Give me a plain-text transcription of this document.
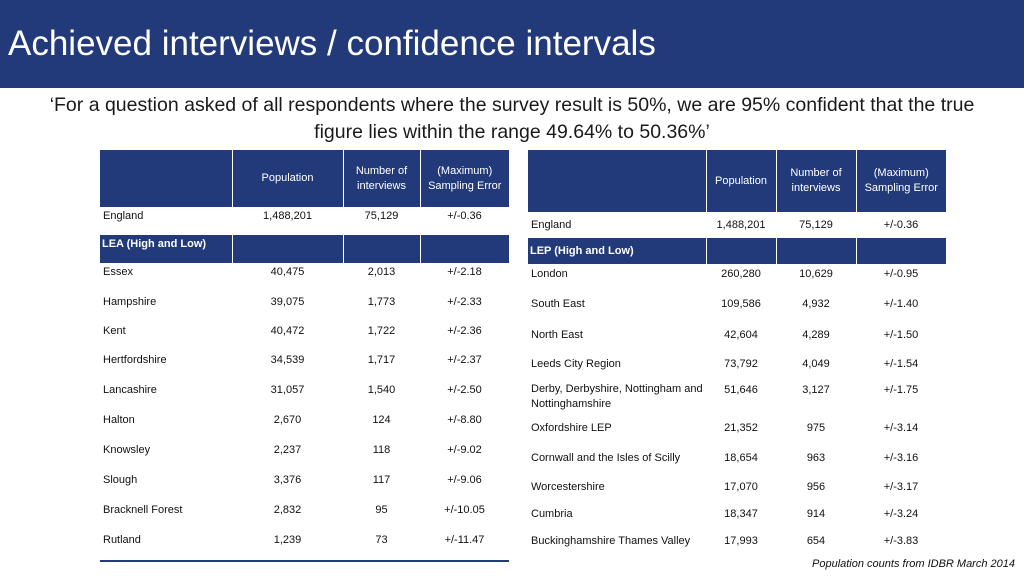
Achieved interviews / confidence intervals
‘For a question asked of all respondents where the survey result is 50%, we are 95% confident that the true figure lies within the range 49.64% to 50.36%’
	Population	Number of interviews	(Maximum) Sampling Error
England	1,488,201	75,129	+/-0.36
LEA (High and Low)			
Essex	40,475	2,013	+/-2.18
Hampshire	39,075	1,773	+/-2.33
Kent	40,472	1,722	+/-2.36
Hertfordshire	34,539	1,717	+/-2.37
Lancashire	31,057	1,540	+/-2.50
Halton	2,670	124	+/-8.80
Knowsley	2,237	118	+/-9.02
Slough	3,376	117	+/-9.06
Bracknell Forest	2,832	95	+/-10.05
Rutland	1,239	73	+/-11.47
	Population	Number of interviews	(Maximum) Sampling Error
England	1,488,201	75,129	+/-0.36
LEP (High and Low)			
London	260,280	10,629	+/-0.95
South East	109,586	4,932	+/-1.40
North East	42,604	4,289	+/-1.50
Leeds City Region	73,792	4,049	+/-1.54
Derby, Derbyshire, Nottingham and Nottinghamshire	51,646	3,127	+/-1.75
Oxfordshire LEP	21,352	975	+/-3.14
Cornwall and the Isles of Scilly	18,654	963	+/-3.16
Worcestershire	17,070	956	+/-3.17
Cumbria	18,347	914	+/-3.24
Buckinghamshire Thames Valley	17,993	654	+/-3.83
Population counts from IDBR March 2014
